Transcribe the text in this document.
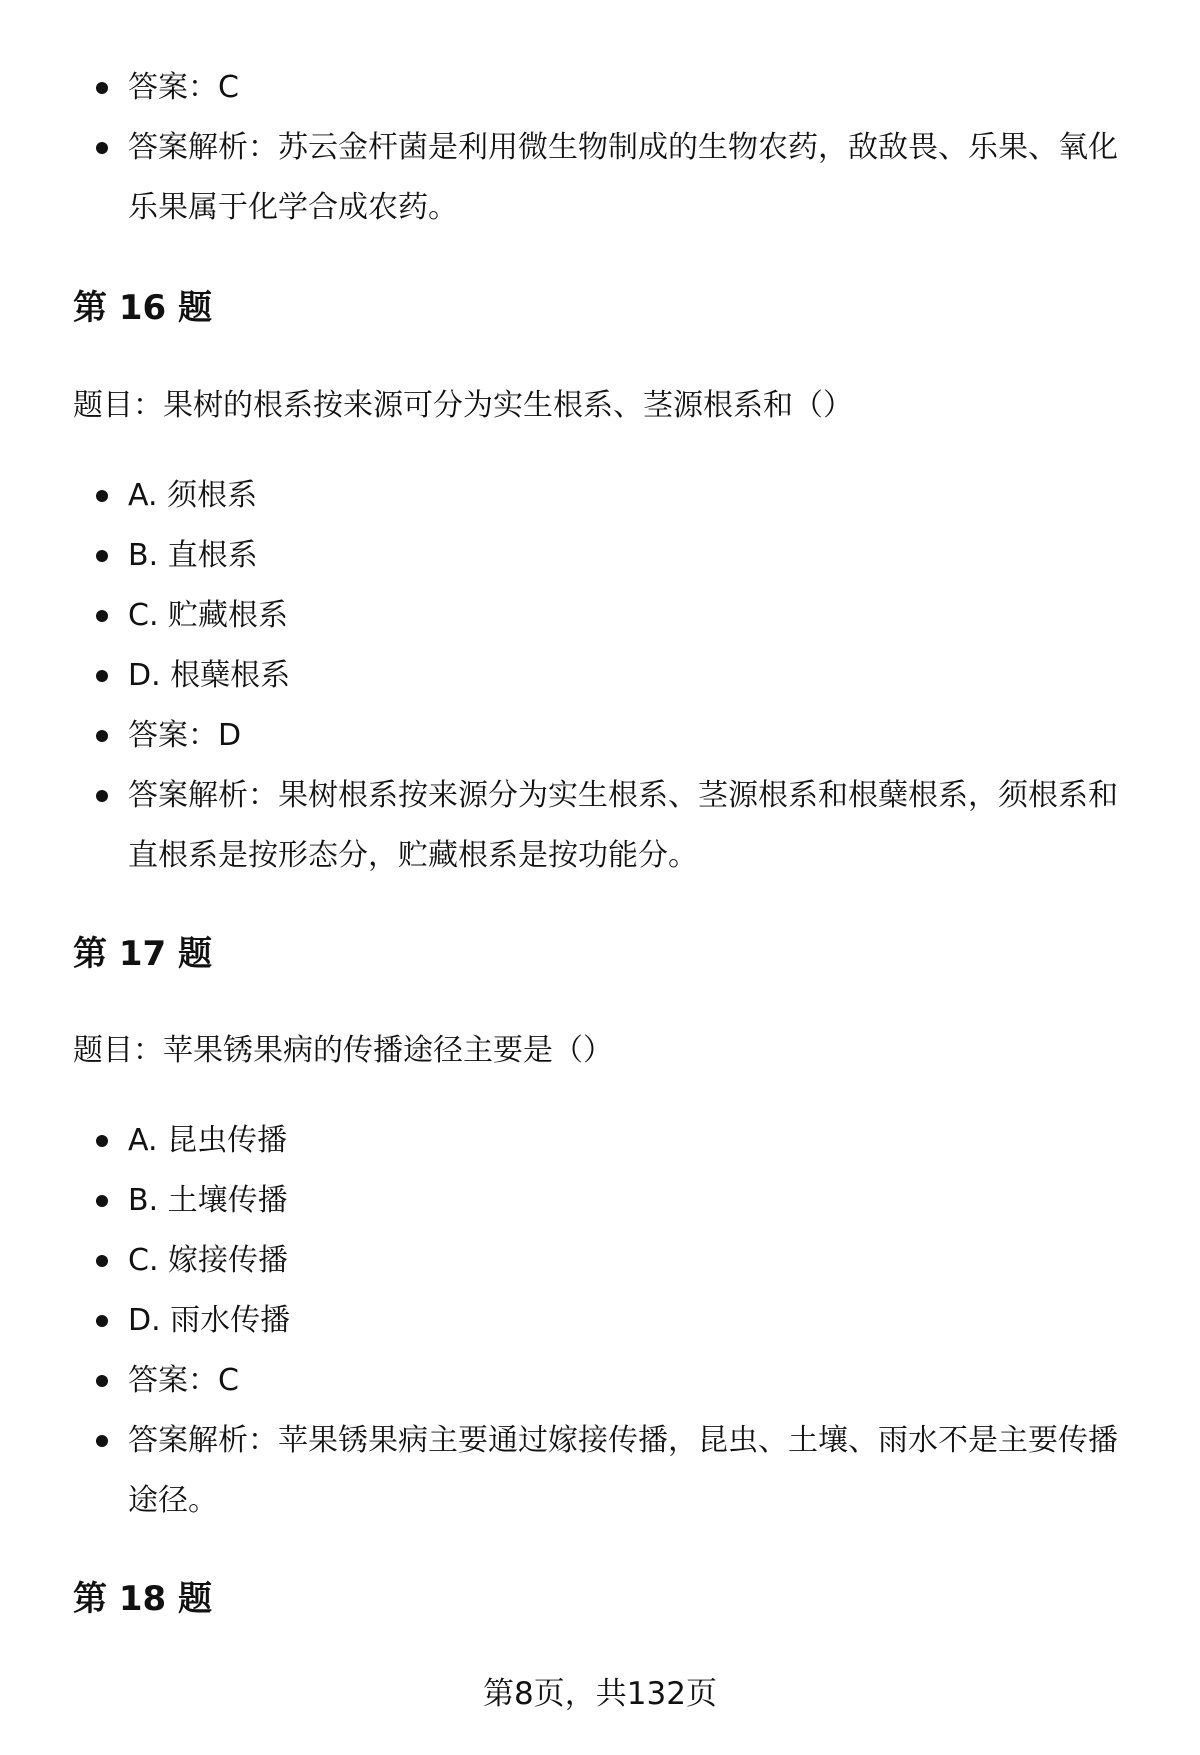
答案：C
答案解析：苏云金杆菌是利用微生物制成的生物农药，敌敌畏、乐果、氧化乐果属于化学合成农药。
第 16 题

题目：果树的根系按来源可分为实生根系、茎源根系和（）

A. 须根系
B. 直根系
C. 贮藏根系
D. 根蘖根系
答案：D
答案解析：果树根系按来源分为实生根系、茎源根系和根蘖根系，须根系和直根系是按形态分，贮藏根系是按功能分。
第 17 题

题目：苹果锈果病的传播途径主要是（）

A. 昆虫传播
B. 土壤传播
C. 嫁接传播
D. 雨水传播
答案：C
答案解析：苹果锈果病主要通过嫁接传播，昆虫、土壤、雨水不是主要传播途径。
第 18 题
第8页，共132页
